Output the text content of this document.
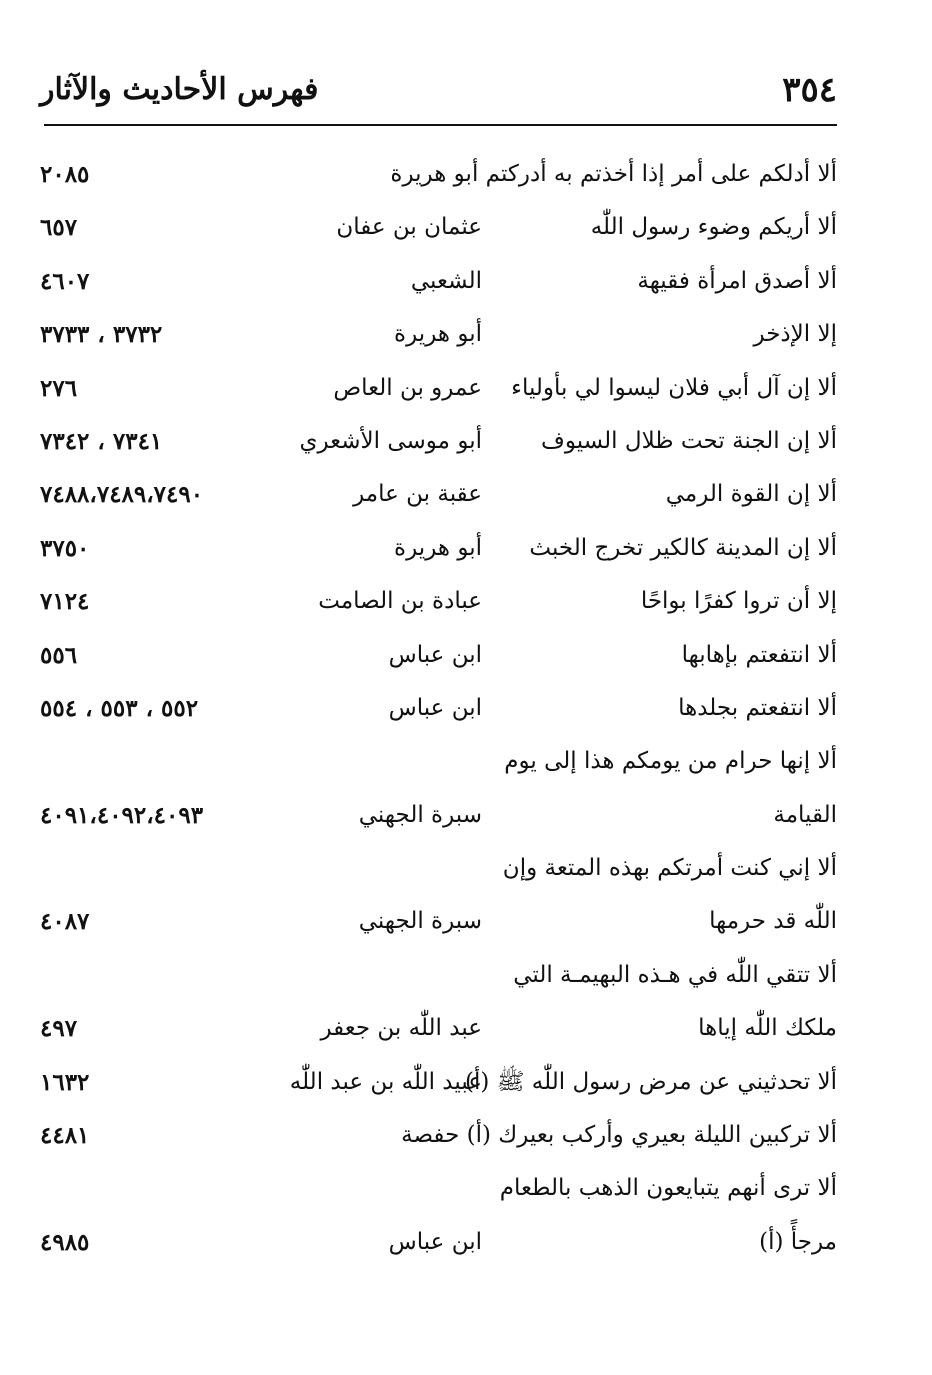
٣٥٤
فهرس الأحاديث والآثار
ألا أدلكم على أمر إذا أخذتم به أدركتم أبو هريرة
٢٠٨٥
ألا أريكم وضوء رسول اللّٰه
عثمان بن عفان
٦٥٧
ألا أصدق امرأة فقيهة
الشعبي
٤٦٠٧
إلا الإذخر
أبو هريرة
٣٧٣٢ ، ٣٧٣٣
ألا إن آل أبي فلان ليسوا لي بأولياء
عمرو بن العاص
٢٧٦
ألا إن الجنة تحت ظلال السيوف
أبو موسى الأشعري
٧٣٤١ ، ٧٣٤٢
ألا إن القوة الرمي
عقبة بن عامر
٧٤٨٨،٧٤٨٩،٧٤٩٠
ألا إن المدينة كالكير تخرج الخبث
أبو هريرة
٣٧٥٠
إلا أن تروا كفرًا بواحًا
عبادة بن الصامت
٧١٢٤
ألا انتفعتم بإهابها
ابن عباس
٥٥٦
ألا انتفعتم بجلدها
ابن عباس
٥٥٢ ، ٥٥٣ ، ٥٥٤
ألا إنها حرام من يومكم هذا إلى يوم
القيامة
سبرة الجهني
٤٠٩١،٤٠٩٢،٤٠٩٣
ألا إني كنت أمرتكم بهذه المتعة وإن
اللّٰه قد حرمها
سبرة الجهني
٤٠٨٧
ألا تتقي اللّٰه في هـذه البهيمـة التي
ملكك اللّٰه إياها
عبد اللّٰه بن جعفر
٤٩٧
ألا تحدثيني عن مرض رسول اللّٰه ﷺ (أ)
عبيد اللّٰه بن عبد اللّٰه
١٦٣٢
ألا تركبين الليلة بعيري وأركب بعيرك (أ) حفصة
٤٤٨١
ألا ترى أنهم يتبايعون الذهب بالطعام
مرجأً (أ)
ابن عباس
٤٩٨٥
